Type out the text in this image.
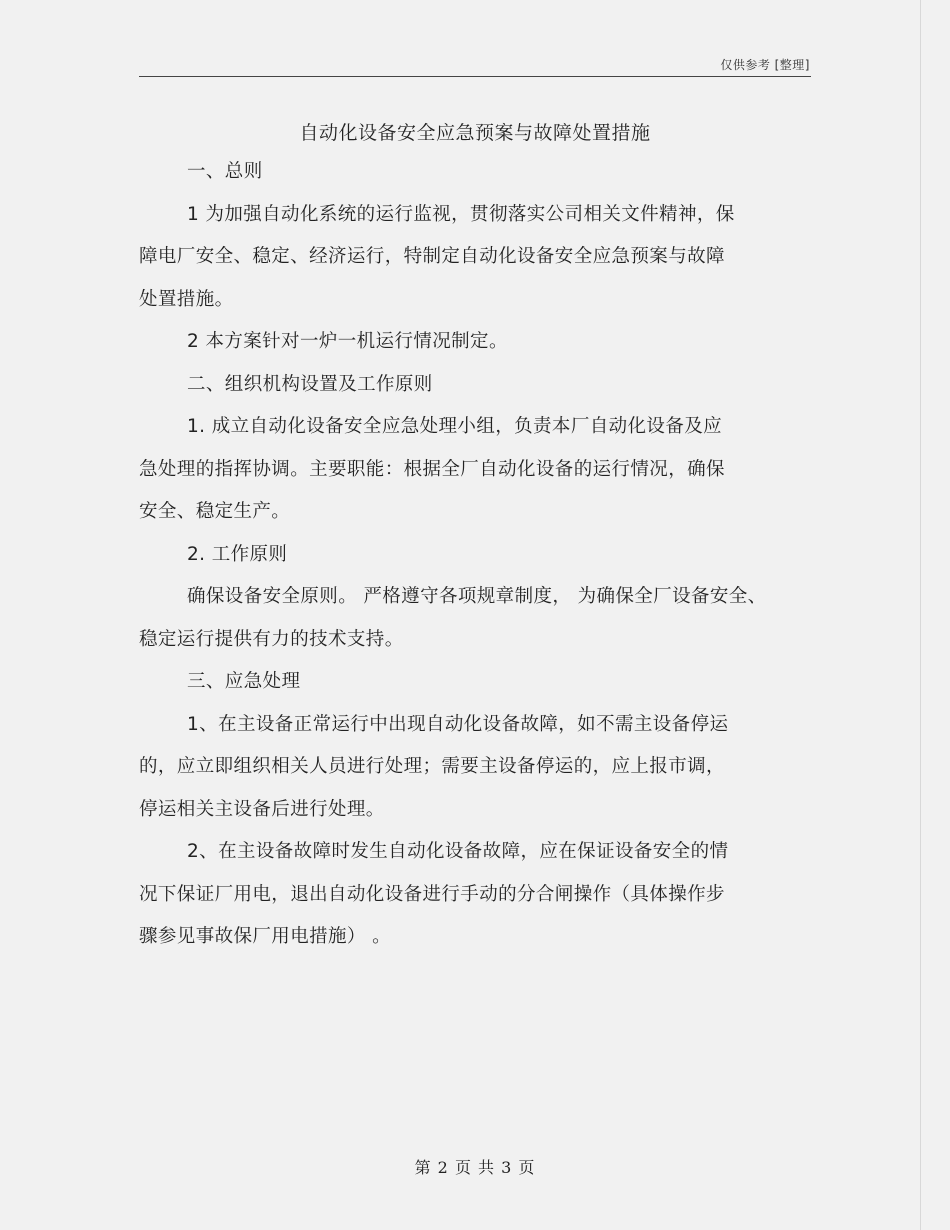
仅供参考 [整理]
自动化设备安全应急预案与故障处置措施
一、总则
1 为加强自动化系统的运行监视，贯彻落实公司相关文件精神，保
障电厂安全、稳定、经济运行，特制定自动化设备安全应急预案与故障
处置措施。
2 本方案针对一炉一机运行情况制定。
二、组织机构设置及工作原则
1. 成立自动化设备安全应急处理小组，负责本厂自动化设备及应
急处理的指挥协调。主要职能：根据全厂自动化设备的运行情况，确保
安全、稳定生产。
2. 工作原则
确保设备安全原则。 严格遵守各项规章制度， 为确保全厂设备安全、
稳定运行提供有力的技术支持。
三、应急处理
1、在主设备正常运行中出现自动化设备故障，如不需主设备停运
的，应立即组织相关人员进行处理；需要主设备停运的，应上报市调，
停运相关主设备后进行处理。
2、在主设备故障时发生自动化设备故障，应在保证设备安全的情
况下保证厂用电，退出自动化设备进行手动的分合闸操作（具体操作步
骤参见事故保厂用电措施） 。
第 2 页 共 3 页
